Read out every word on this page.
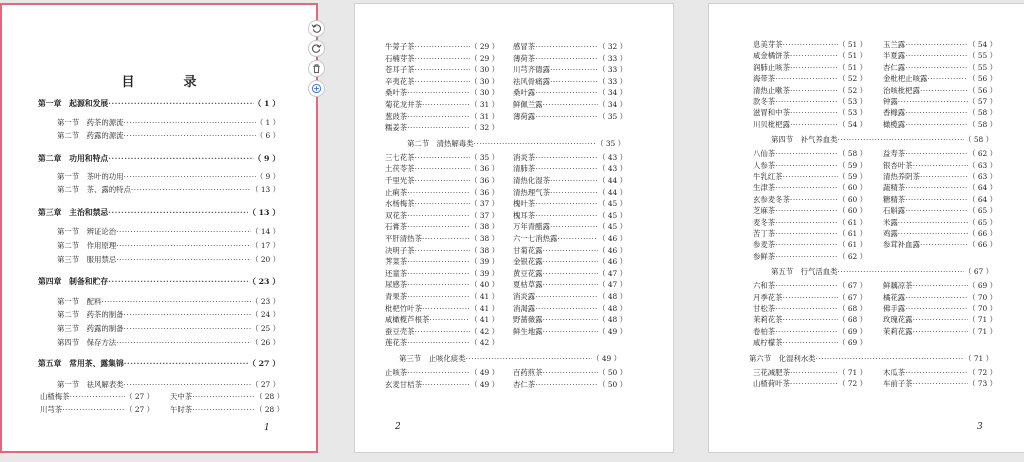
目　录
第一章　起源和发展 ·····	（ 1 ）
第一节　药茶的源流 ·····	（ 1 ）
第二节　药露的源流 ·····	（ 6 ）
第二章　功用和特点 ·····	（ 9 ）
第一节　茶叶的功用 ·····	（ 9 ）
第二节　茶、露的特点 ·····	（ 13 ）
第三章　主治和禁忌 ·····	（ 13 ）
第一节　辨证论治 ·····	（ 14 ）
第二节　作用原理 ·····	（ 17 ）
第三节　服用禁忌 ·····	（ 20 ）
第四章　制备和贮存 ·····	（ 23 ）
第一节　配料 ·····	（ 23 ）
第二节　药茶的制备 ·····	（ 24 ）
第三节　药露的制备 ·····	（ 25 ）
第四节　保存方法 ·····	（ 26 ）
第五章　常用茶、露集锦 ·····	（ 27 ）
第一节　祛风解表类 ·····	（ 27 ）
山楂梅茶 ·····	（ 27 ） 天中茶 ·····	（ 28 ）
川芎茶 ·····	（ 27 ） 午时茶 ·····	（ 28 ）
1
牛蒡子茶 ·····	（ 29 ） 感冒茶 ·····	（ 32 ）
石楠芽茶 ·····	（ 29 ） 薄荷茶 ·····	（ 33 ）
苍耳子茶 ·····	（ 30 ） 川芎齐德露 ·····	（ 33 ）
辛夷花茶 ·····	（ 30 ） 祛风骨痛露 ·····	（ 33 ）
桑叶茶 ·····	（ 30 ） 桑叶露 ·····	（ 34 ）
菊花龙井茶 ·····	（ 31 ） 鲜佩兰露 ·····	（ 34 ）
葱豉茶 ·····	（ 31 ） 薄荷露 ·····	（ 35 ）
糯姜茶 ·····	（ 32 ）
第二节　清热解毒类 ·····	（ 35 ）
三七花茶 ·····	（ 35 ） 消炎茶 ·····	（ 43 ）
土茯苓茶 ·····	（ 36 ） 清肺茶 ·····	（ 43 ）
千里光茶 ·····	（ 36 ） 清热化湿茶 ·····	（ 44 ）
止痢茶 ·····	（ 36 ） 清热理气茶 ·····	（ 44 ）
水杨梅茶 ·····	（ 37 ） 槐叶茶 ·····	（ 45 ）
双花茶 ·····	（ 37 ） 槐耳茶 ·····	（ 45 ）
石膏茶 ·····	（ 38 ） 万年青醋露 ·····	（ 45 ）
平肝清热茶 ·····	（ 38 ） 六一七消热露 ·····	（ 46 ）
决明子茶 ·····	（ 38 ） 甘菊花露 ·····	（ 46 ）
荠菜茶 ·····	（ 39 ） 金银花露 ·····	（ 46 ）
还童茶 ·····	（ 39 ） 黄豆花露 ·····	（ 47 ）
尿感茶 ·····	（ 40 ） 夏枯草露 ·····	（ 47 ）
青果茶 ·····	（ 41 ） 消炎露 ·····	（ 48 ）
枇杷竹叶茶 ·····	（ 41 ） 消渴露 ·····	（ 48 ）
咸橄榄芦根茶 ·····	（ 41 ） 野蔷薇露 ·····	（ 48 ）
蚕豆壳茶 ·····	（ 42 ） 鲜生地露 ·····	（ 49 ）
莲花茶 ·····	（ 42 ）
第三节　止咳化痰类 ·····	（ 49 ）
止咳茶 ·····	（ 49 ） 百药煎茶 ·····	（ 50 ）
玄麦甘桔茶 ·····	（ 49 ） 杏仁茶 ·····	（ 50 ）
2
息美芽茶 ·····	（ 51 ） 玉兰露 ·····	（ 54 ）
咸金橘饼茶 ·····	（ 51 ） 半夏露 ·····	（ 55 ）
润肺止咳茶 ·····	（ 51 ） 杏仁露 ·····	（ 55 ）
海带茶 ·····	（ 52 ） 金枇杷止咳露 ·····	（ 56 ）
清热止嗽茶 ·····	（ 52 ） 治咳枇杷露 ·····	（ 56 ）
款冬茶 ·····	（ 53 ） 钟露 ·····	（ 57 ）
滋胃和中茶 ·····	（ 53 ） 香橼露 ·····	（ 58 ）
川贝枇杷露 ·····	（ 54 ） 橄榄露 ·····	（ 58 ）
第四节　补气养血类 ·····	（ 58 ）
八仙茶 ·····	（ 58 ） 益寿茶 ·····	（ 62 ）
人参茶 ·····	（ 59 ） 银杏叶茶 ·····	（ 63 ）
牛乳红茶 ·····	（ 59 ） 清热养阴茶 ·····	（ 63 ）
生津茶 ·····	（ 60 ） 蔬精茶 ·····	（ 64 ）
玄参麦冬茶 ·····	（ 60 ） 糖精茶 ·····	（ 64 ）
芝麻茶 ·····	（ 60 ） 石斛露 ·····	（ 65 ）
麦冬茶 ·····	（ 61 ） 米露 ·····	（ 65 ）
苦丁茶 ·····	（ 61 ） 鸡露 ·····	（ 66 ）
参麦茶 ·····	（ 61 ） 参茸补血露 ·····	（ 66 ）
参鲜茶 ·····	（ 62 ）
第五节　行气活血类 ·····	（ 67 ）
六和茶 ·····	（ 67 ） 鲜藕凉茶 ·····	（ 69 ）
月季花茶 ·····	（ 67 ） 橘花露 ·····	（ 70 ）
甘松茶 ·····	（ 68 ） 佛手露 ·····	（ 70 ）
茉莉花茶 ·····	（ 68 ） 玫瑰花露 ·····	（ 71 ）
卷柏茶 ·····	（ 69 ） 茉莉花露 ·····	（ 71 ）
咸柠檬茶 ·····	（ 69 ）
第六节　化湿利水类 ·····	（ 71 ）
三花减肥茶 ·····	（ 71 ） 木瓜茶 ·····	（ 72 ）
山楂荷叶茶 ·····	（ 72 ） 车前子茶 ·····	（ 73 ）
3
